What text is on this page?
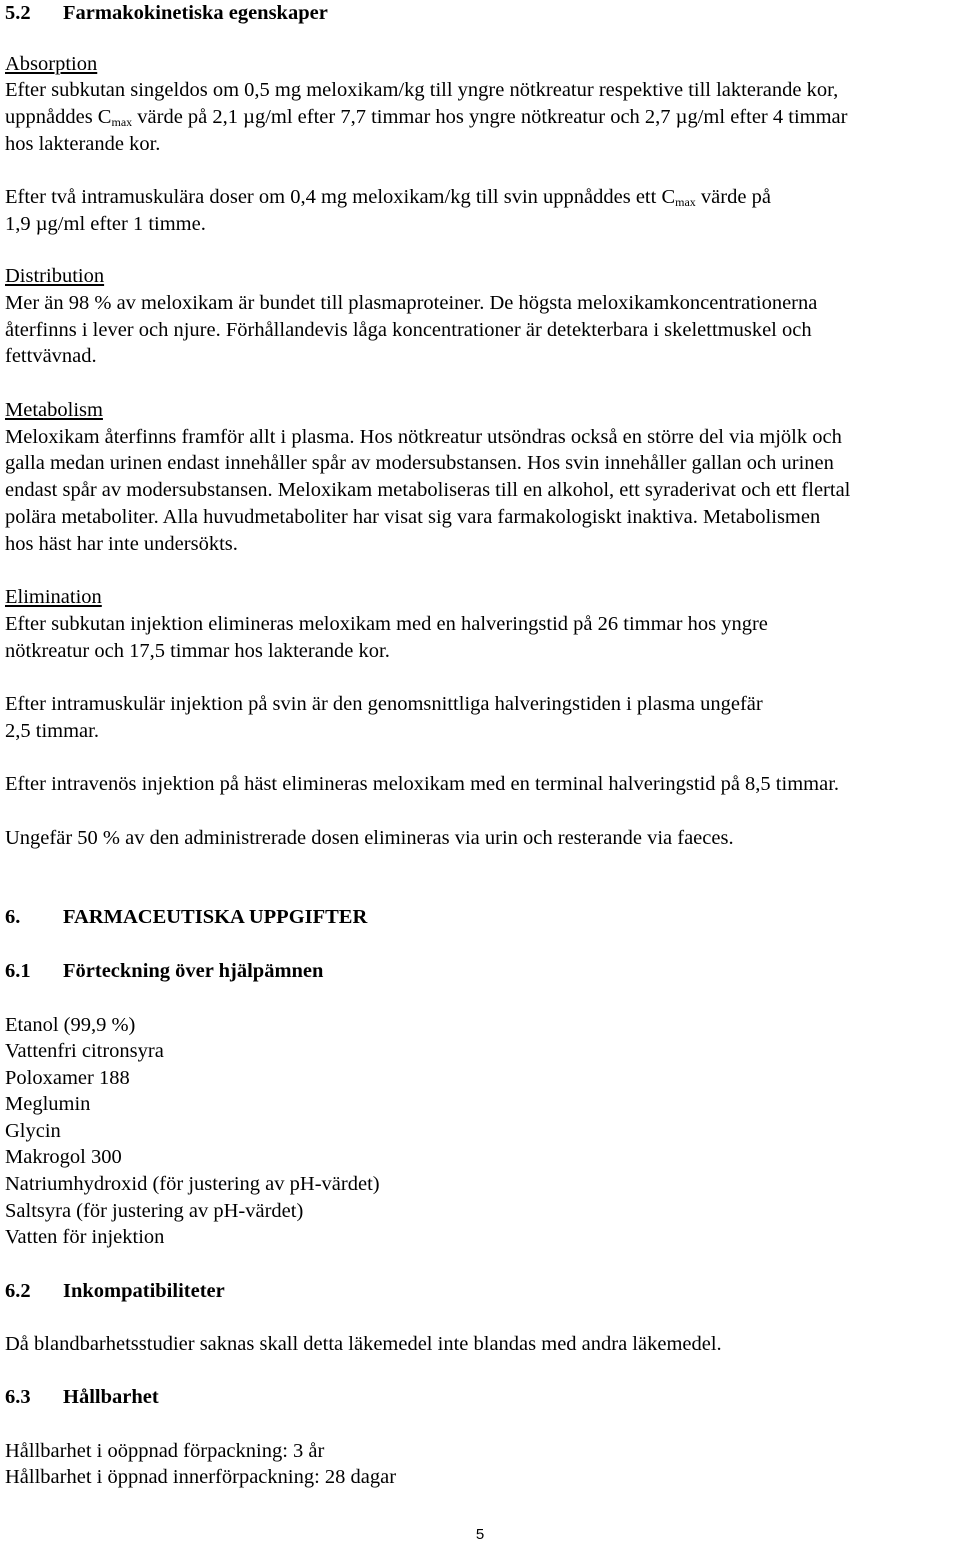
5.2 Farmakokinetiska egenskaper
Absorption
Efter subkutan singeldos om 0,5 mg meloxikam/kg till yngre nötkreatur respektive till lakterande kor,
uppnåddes $C_{max}$ värde på 2,1 µg/ml efter 7,7 timmar hos yngre nötkreatur och 2,7 µg/ml efter 4 timmar
hos lakterande kor.
Efter två intramuskulära doser om 0,4 mg meloxikam/kg till svin uppnåddes ett $C_{max}$ värde på
1,9 µg/ml efter 1 timme.
Distribution
Mer än 98 % av meloxikam är bundet till plasmaproteiner. De högsta meloxikamkoncentrationerna
återfinns i lever och njure. Förhållandevis låga koncentrationer är detekterbara i skelettmuskel och
fettvävnad.
Metabolism
Meloxikam återfinns framför allt i plasma. Hos nötkreatur utsöndras också en större del via mjölk och
galla medan urinen endast innehåller spår av modersubstansen. Hos svin innehåller gallan och urinen
endast spår av modersubstansen. Meloxikam metaboliseras till en alkohol, ett syraderivat och ett flertal
polära metaboliter. Alla huvudmetaboliter har visat sig vara farmakologiskt inaktiva. Metabolismen
hos häst har inte undersökts.
Elimination
Efter subkutan injektion elimineras meloxikam med en halveringstid på 26 timmar hos yngre
nötkreatur och 17,5 timmar hos lakterande kor.
Efter intramuskulär injektion på svin är den genomsnittliga halveringstiden i plasma ungefär
2,5 timmar.
Efter intravenös injektion på häst elimineras meloxikam med en terminal halveringstid på 8,5 timmar.
Ungefär 50 % av den administrerade dosen elimineras via urin och resterande via faeces.
6. FARMACEUTISKA UPPGIFTER
6.1 Förteckning över hjälpämnen
Etanol (99,9 %)
Vattenfri citronsyra
Poloxamer 188
Meglumin
Glycin
Makrogol 300
Natriumhydroxid (för justering av pH-värdet)
Saltsyra (för justering av pH-värdet)
Vatten för injektion
6.2 Inkompatibiliteter
Då blandbarhetsstudier saknas skall detta läkemedel inte blandas med andra läkemedel.
6.3 Hållbarhet
Hållbarhet i oöppnad förpackning: 3 år
Hållbarhet i öppnad innerförpackning: 28 dagar
5
